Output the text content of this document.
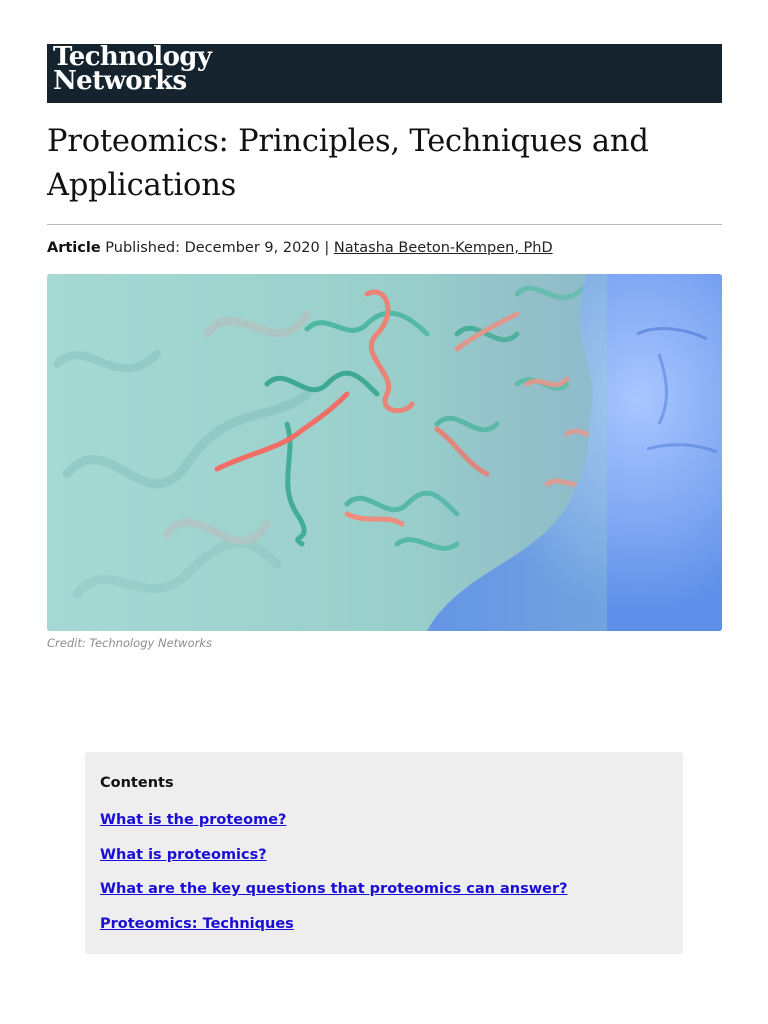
Technology
Networks
Proteomics: Principles, Techniques and Applications
Article Published: December 9, 2020 | Natasha Beeton-Kempen, PhD
Credit: Technology Networks
Contents
What is the proteome?
What is proteomics?
What are the key questions that proteomics can answer?
Proteomics: Techniques
